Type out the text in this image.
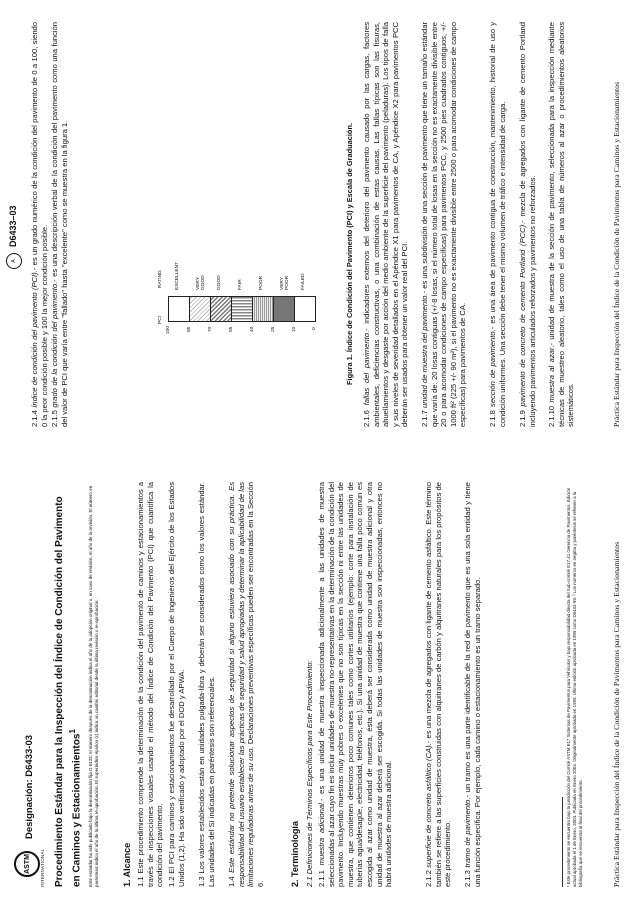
ASTM INTERNATIONAL
Designación: D6433-03 Procedimiento Estándar para la Inspección del Índice de Condición del Pavimento en Caminos y Estacionamientos$^1$	Este estándar ha sido publicado bajo la denominación fija D 6433; el número después de la denominación indica el año de la adopción original o, en caso de revisión, el año de la revisión. El número en paréntesis indica el año de la última re-aprobación. El superíndice épsilon (ε) indica un cambio editorial desde la última revisión o re-aprobación.	1. Alcance 1.1 Este procedimiento comprende la determinación de la condición del pavimento de caminos y estacionamientos a través de inspecciones visuales usando el método del Índice de Condición del Pavimento (PCI) que cuantifica la condición del pavimento. 1.2 El PCI para caminos y estacionamientos fue desarrollado por el Cuerpo de Ingenieros del Ejército de los Estados Unidos (1,2). Ha sido verificado y adoptado por el DOD y APWA. 1.3 Los valores establecidos están en unidades pulgada-libra y deberán ser considerados como los valores estándar. Las unidades del SI indicadas en paréntesis son referenciales. 1.4 Este estándar no pretende solucionar aspectos de seguridad si alguno estuviera asociado con su práctica. Es responsabilidad del usuario establecer las prácticas de seguridad y salud apropiadas y determinar la aplicabilidad de las limitaciones reguladoras antes de su uso. Declaraciones preventivas específicas pueden ser encontradas en la Sección 6.	2. Terminología 2.1 Definiciones de Términos Específicos para Este Procedimiento: 2.1.1 muestra adicional.- es una unidad de muestra inspeccionada adicionalmente a las unidades de muestra seleccionadas al azar cuyo fin es incluir unidades de muestra no-representativas en la determinación de la condición del pavimento. Incluyendo muestras muy pobres o excelentes que no son típicas en la sección ni entre las unidades de muestra, que contienen deterioros poco comunes tales como cortes utilitarios (ejemplo: corte para instalación de tuberías agua/desagüe, electricidad, teléfonos, etc.). Si una unidad de muestra que contiene una falla poco común es escogida al azar como unidad de muestra, ésta deberá ser considerada como unidad de muestra adicional y otra unidad de muestra al azar deberá ser escogida. Si todas las unidades de muestra son inspeccionadas, entonces no habrá unidades de muestra adicional.	2.1.2 superficie de concreto asfáltico (CA).- es una mezcla de agregados con ligante de cemento asfáltico. Este término también se refiere a las superficies construidas con alquitranes de carbón y alquitranes naturales para los propósitos de este procedimiento. 2.1.3 tramo de pavimento.- un tramo es una parte identificable de la red de pavimento que es una sola entidad y tiene una función específica. Por ejemplo, cada camino o estacionamiento es un tramo separado.	¹ Este procedimiento se encuentra bajo la jurisdicción del Comité ASTM E17 Sistemas de Pavimentos para Vehículos y bajo responsabilidad directa del Sub-comité E17.41 Gerencia de Pavimentos. Edición actual aprobada el 1 de Enero, 2004. Publicada en Enero 2004. Originalmente aprobada en 1999. Última edición aprobada en 1999 como D6433-99. ² Los números en negrita y paréntesis se refieren a la bibliografía que se encuentra al final del procedimiento.	Práctica Estándar para Inspección del Índice de la Condición de Pavimentos para Caminos y Estacionamientos
A
D6433–03

2.1.4 índice de condición del pavimento (PCI).- es un grado numérico de la condición del pavimento de 0 a 100, siendo 0 la peor condición posible y 100 la mejor condición posible. 2.1.5 grado de la condición del pavimento.- es una descripción verbal de la condición del pavimento como una función del valor de PCI que varía entre "fallado" hasta "excelente" como se muestra en la figura 1.	PCI
RATING
100	85	70	55	40	25	10	0
EXCELLENT	VERY GOOD GOOD	FAIR	POOR	VERY POOR FAILED	Figura 1. Índice de Condición del Pavimento (PCI) y Escala de Graduación.

2.1.6 fallas del pavimento.- indicadores externos del deterioro del pavimento causado por las cargas, factores ambientales, deficiencias constructivas, o una combinación de estas causas. Las fallas típicas son las fisuras, ahuellamientos y desgaste por acción del medio ambiente de la superficie del pavimento (peladuras). Los tipos de falla y sus niveles de severidad detallados en el Apéndice X1 para pavimentos de CA, y Apéndice X2 para pavimentos PCC deberán ser usados para obtener un valor real del PCI. 2.1.7 unidad de muestra del pavimento.- es una subdivisión de una sección de pavimento que tiene un tamaño estándar que varía de: 20 losas contiguas (+/-8 losas, si el número total de losas en la sección no es exactamente divisible entre 20 o para acomodar condiciones de campo específicas) para pavimentos PCC, y 2500 pies cuadrados contiguos, +/- 1000 ft² (225 +/- 90 m²), si el pavimento no es exactamente divisible entre 2500 o para acomodar condiciones de campo específicas) para pavimentos de CA.	2.1.8 sección de pavimento.- es una área de pavimento contigua de construcción, mantenimiento, historial de uso y condición uniformes. Una sección debe tener el mismo volumen de tráfico e intensidad de carga. 2.1.9 pavimento de concreto de cemento Portland (PCC).- mezcla de agregados con ligante de cemento Portland incluyendo pavimentos articulados reforzados y pavimentos no reforzados. 2.1.10 muestra al azar.- unidad de muestra de la sección de pavimento, seleccionada para la inspección mediante técnicas de muestreo aleatorio, tales como el uso de una tabla de números al azar o procedimientos aleatorios sistemáticos.	Práctica Estándar para Inspección del Índice de la Condición de Pavimentos para Caminos y Estacionamientos
